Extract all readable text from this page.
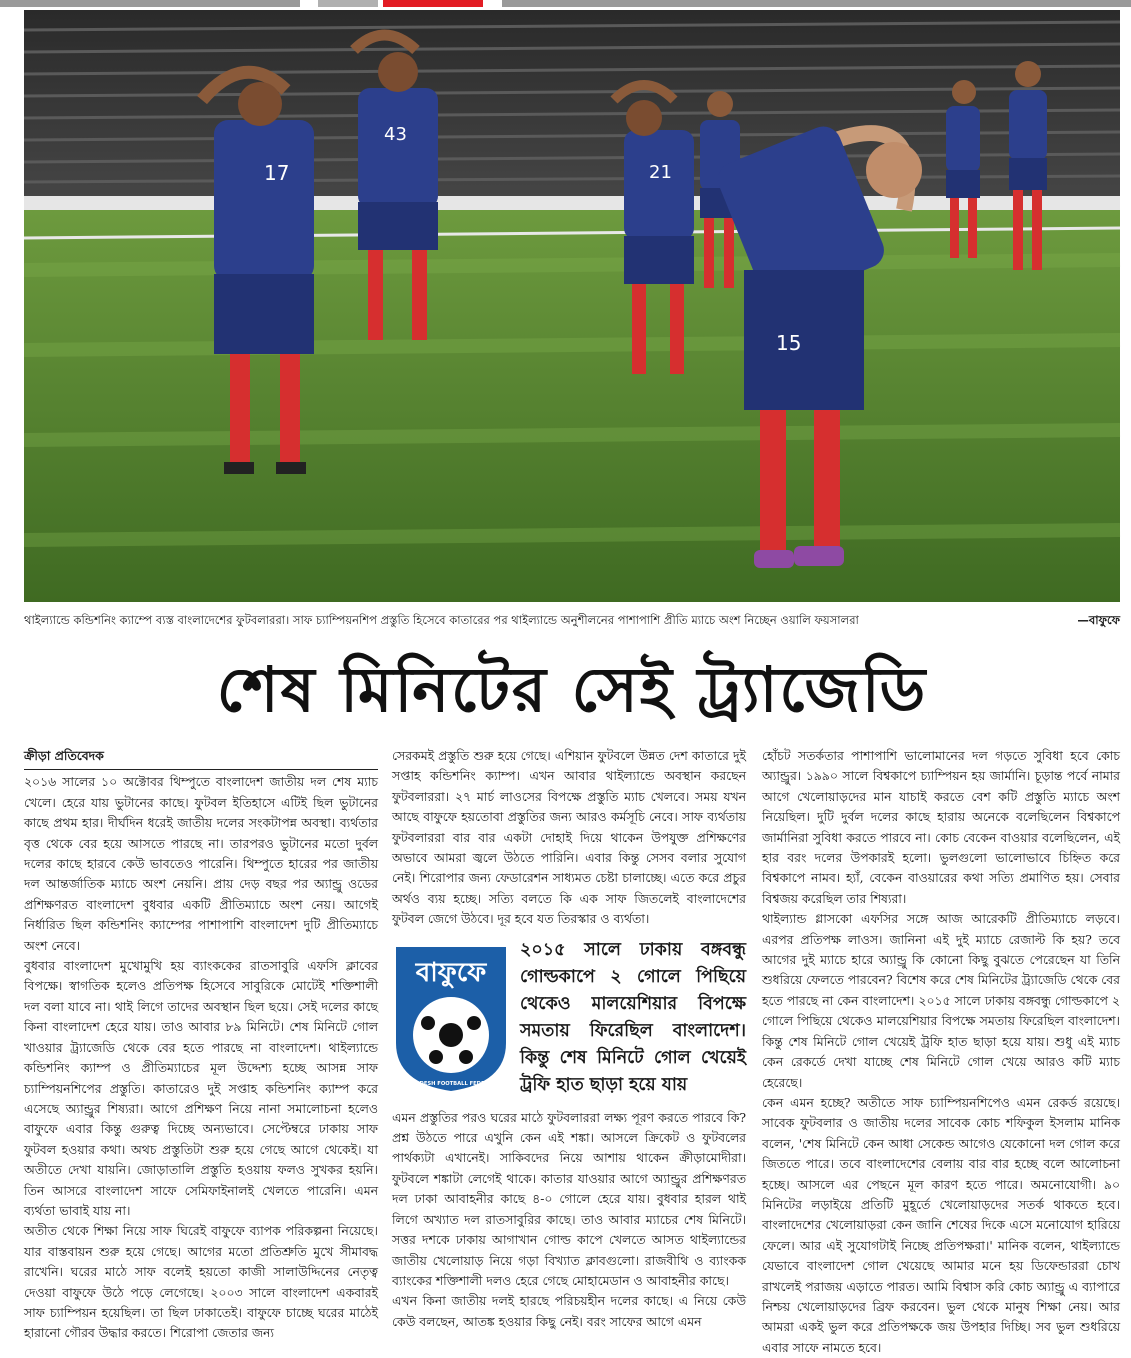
21
43
17
15
থাইল্যান্ডে কন্ডিশনিং ক্যাম্পে ব্যস্ত বাংলাদেশের ফুটবলাররা। সাফ চ্যাম্পিয়নশিপ প্রস্তুতি হিসেবে কাতারের পর থাইল্যান্ডে অনুশীলনের পাশাপাশি প্রীতি ম্যাচে অংশ নিচ্ছেন ওয়ালি ফয়সালরা	—বাফুফে
শেষ মিনিটের সেই ট্র্যাজেডি

ক্রীড়া প্রতিবেদক

২০১৬ সালের ১০ অক্টোবর থিম্পুতে বাংলাদেশ জাতীয় দল শেষ ম্যাচ খেলে। হেরে যায় ভুটানের কাছে। ফুটবল ইতিহাসে এটিই ছিল ভুটানের কাছে প্রথম হার। দীর্ঘদিন ধরেই জাতীয় দলের সংকটাপন্ন অবস্থা। ব্যর্থতার বৃত্ত থেকে বের হয়ে আসতে পারছে না। তারপরও ভুটানের মতো দুর্বল দলের কাছে হারবে কেউ ভাবতেও পারেনি। থিম্পুতে হারের পর জাতীয় দল আন্তর্জাতিক ম্যাচে অংশ নেয়নি। প্রায় দেড় বছর পর অ্যান্ড্রু ওডের প্রশিক্ষণরত বাংলাদেশ বুধবার একটি প্রীতিম্যাচে অংশ নেয়। আগেই নির্ধারিত ছিল কন্ডিশনিং ক্যাম্পের পাশাপাশি বাংলাদেশ দুটি প্রীতিম্যাচে অংশ নেবে।

বুধবার বাংলাদেশ মুখোমুখি হয় ব্যাংককের রাতসাবুরি এফসি ক্লাবের বিপক্ষে। স্বাগতিক হলেও প্রতিপক্ষ হিসেবে সাবুরিকে মোটেই শক্তিশালী দল বলা যাবে না। থাই লিগে তাদের অবস্থান ছিল ছয়ে। সেই দলের কাছে কিনা বাংলাদেশ হেরে যায়। তাও আবার ৮৯ মিনিটে। শেষ মিনিটে গোল খাওয়ার ট্র্যাজেডি থেকে বের হতে পারছে না বাংলাদেশ। থাইল্যান্ডে কন্ডিশনিং ক্যাম্প ও প্রীতিম্যাচের মূল উদ্দেশ্য হচ্ছে আসন্ন সাফ চ্যাম্পিয়নশিপের প্রস্তুতি। কাতারেও দুই সপ্তাহ কন্ডিশনিং ক্যাম্প করে এসেছে অ্যান্ড্রুর শিষ্যরা। আগে প্রশিক্ষণ নিয়ে নানা সমালোচনা হলেও বাফুফে এবার কিন্তু গুরুত্ব দিচ্ছে অন্যভাবে। সেপ্টেম্বরে ঢাকায় সাফ ফুটবল হওয়ার কথা। অথচ প্রস্তুতিটা শুরু হয়ে গেছে আগে থেকেই। যা অতীতে দেখা যায়নি। জোড়াতালি প্রস্তুতি হওয়ায় ফলও সুখকর হয়নি। তিন আসরে বাংলাদেশ সাফে সেমিফাইনালই খেলতে পারেনি। এমন ব্যর্থতা ভাবাই যায় না।

অতীত থেকে শিক্ষা নিয়ে সাফ ঘিরেই বাফুফে ব্যাপক পরিকল্পনা নিয়েছে। যার বাস্তবায়ন শুরু হয়ে গেছে। আগের মতো প্রতিশ্রুতি মুখে সীমাবদ্ধ রাখেনি। ঘরের মাঠে সাফ বলেই হয়তো কাজী সালাউদ্দিনের নেতৃত্ব দেওয়া বাফুফে উঠে পড়ে লেগেছে। ২০০৩ সালে বাংলাদেশ একবারই সাফ চ্যাম্পিয়ন হয়েছিল। তা ছিল ঢাকাতেই। বাফুফে চাচ্ছে ঘরের মাঠেই হারানো গৌরব উদ্ধার করতে। শিরোপা জেতার জন্য

সেরকমই প্রস্তুতি শুরু হয়ে গেছে। এশিয়ান ফুটবলে উন্নত দেশ কাতারে দুই সপ্তাহ কন্ডিশনিং ক্যাম্প। এখন আবার থাইল্যান্ডে অবস্থান করছেন ফুটবলাররা। ২৭ মার্চ লাওসের বিপক্ষে প্রস্তুতি ম্যাচ খেলবে। সময় যখন আছে বাফুফে হয়তোবা প্রস্তুতির জন্য আরও কর্মসূচি নেবে। সাফ ব্যর্থতায় ফুটবলাররা বার বার একটা দোহাই দিয়ে থাকেন উপযুক্ত প্রশিক্ষণের অভাবে আমরা জ্বলে উঠতে পারিনি। এবার কিন্তু সেসব বলার সুযোগ নেই। শিরোপার জন্য ফেডারেশন সাধ্যমত চেষ্টা চালাচ্ছে। এতে করে প্রচুর অর্থও ব্যয় হচ্ছে। সত্যি বলতে কি এক সাফ জিতলেই বাংলাদেশের ফুটবল জেগে উঠবে। দূর হবে যত তিরস্কার ও ব্যর্থতা।

বাফুফে
BANGLADESH FOOTBALL FEDERATION
২০১৫ সালে ঢাকায় বঙ্গবন্ধু গোল্ডকাপে ২ গোলে পিছিয়ে থেকেও মালয়েশিয়ার বিপক্ষে সমতায় ফিরেছিল বাংলাদেশ। কিন্তু শেষ মিনিটে গোল খেয়েই ট্রফি হাত ছাড়া হয়ে যায়

এমন প্রস্তুতির পরও ঘরের মাঠে ফুটবলাররা লক্ষ্য পূরণ করতে পারবে কি? প্রশ্ন উঠতে পারে এখুনি কেন এই শঙ্কা। আসলে ক্রিকেট ও ফুটবলের পার্থক্যটা এখানেই। সাকিবদের নিয়ে আশায় থাকেন ক্রীড়ামোদীরা। ফুটবলে শঙ্কাটা লেগেই থাকে। কাতার যাওয়ার আগে অ্যান্ড্রুর প্রশিক্ষণরত দল ঢাকা আবাহনীর কাছে ৪-০ গোলে হেরে যায়। বুধবার হারল থাই লিগে অখ্যাত দল রাতসাবুরির কাছে। তাও আবার ম্যাচের শেষ মিনিটে। সত্তর দশকে ঢাকায় আগাখান গোল্ড কাপে খেলতে আসত থাইল্যান্ডের জাতীয় খেলোয়াড় নিয়ে গড়া বিখ্যাত ক্লাবগুলো। রাজবীথি ও ব্যাংকক ব্যাংকের শক্তিশালী দলও হেরে গেছে মোহামেডান ও আবাহনীর কাছে।

এখন কিনা জাতীয় দলই হারছে পরিচয়হীন দলের কাছে। এ নিয়ে কেউ কেউ বলছেন, আতঙ্ক হওয়ার কিছু নেই। বরং সাফের আগে এমন

হোঁচট সতর্কতার পাশাপাশি ভালোমানের দল গড়তে সুবিধা হবে কোচ অ্যান্ড্রুর। ১৯৯০ সালে বিশ্বকাপে চ্যাম্পিয়ন হয় জার্মানি। চূড়ান্ত পর্বে নামার আগে খেলোয়াড়দের মান যাচাই করতে বেশ কটি প্রস্তুতি ম্যাচে অংশ নিয়েছিল। দুটি দুর্বল দলের কাছে হারায় অনেকে বলেছিলেন বিশ্বকাপে জার্মানিরা সুবিধা করতে পারবে না। কোচ বেকেন বাওয়ার বলেছিলেন, এই হার বরং দলের উপকারই হলো। ভুলগুলো ভালোভাবে চিহ্নিত করে বিশ্বকাপে নামব। হ্যাঁ, বেকেন বাওয়ারের কথা সত্যি প্রমাণিত হয়। সেবার বিশ্বজয় করেছিল তার শিষ্যরা।

থাইল্যান্ড গ্লাসকো এফসির সঙ্গে আজ আরেকটি প্রীতিম্যাচে লড়বে। এরপর প্রতিপক্ষ লাওস। জানিনা এই দুই ম্যাচে রেজাল্ট কি হয়? তবে আগের দুই ম্যাচে হারে অ্যান্ড্রু কি কোনো কিছু বুঝতে পেরেছেন যা তিনি শুধরিয়ে ফেলতে পারবেন? বিশেষ করে শেষ মিনিটের ট্র্যাজেডি থেকে বের হতে পারছে না কেন বাংলাদেশ। ২০১৫ সালে ঢাকায় বঙ্গবন্ধু গোল্ডকাপে ২ গোলে পিছিয়ে থেকেও মালয়েশিয়ার বিপক্ষে সমতায় ফিরেছিল বাংলাদেশ। কিন্তু শেষ মিনিটে গোল খেয়েই ট্রফি হাত ছাড়া হয়ে যায়। শুধু এই ম্যাচ কেন রেকর্ডে দেখা যাচ্ছে শেষ মিনিটে গোল খেয়ে আরও কটি ম্যাচ হেরেছে।

কেন এমন হচ্ছে? অতীতে সাফ চ্যাম্পিয়নশিপেও এমন রেকর্ড রয়েছে। সাবেক ফুটবলার ও জাতীয় দলের সাবেক কোচ শফিকুল ইসলাম মানিক বলেন, 'শেষ মিনিটে কেন আধা সেকেন্ড আগেও যেকোনো দল গোল করে জিততে পারে। তবে বাংলাদেশের বেলায় বার বার হচ্ছে বলে আলোচনা হচ্ছে। আসলে এর পেছনে মূল কারণ হতে পারে। অমনোযোগী। ৯০ মিনিটের লড়াইয়ে প্রতিটি মুহূর্তে খেলোয়াড়দের সতর্ক থাকতে হবে। বাংলাদেশের খেলোয়াড়রা কেন জানি শেষের দিকে এসে মনোযোগ হারিয়ে ফেলে। আর এই সুযোগটাই নিচ্ছে প্রতিপক্ষরা।' মানিক বলেন, থাইল্যান্ডে যেভাবে বাংলাদেশ গোল খেয়েছে আমার মনে হয় ডিফেন্ডাররা চোখ রাখলেই পরাজয় এড়াতে পারত। আমি বিশ্বাস করি কোচ অ্যান্ড্রু এ ব্যাপারে নিশ্চয় খেলোয়াড়দের ব্রিফ করবেন। ভুল থেকে মানুষ শিক্ষা নেয়। আর আমরা একই ভুল করে প্রতিপক্ষকে জয় উপহার দিচ্ছি। সব ভুল শুধরিয়ে এবার সাফে নামতে হবে।
